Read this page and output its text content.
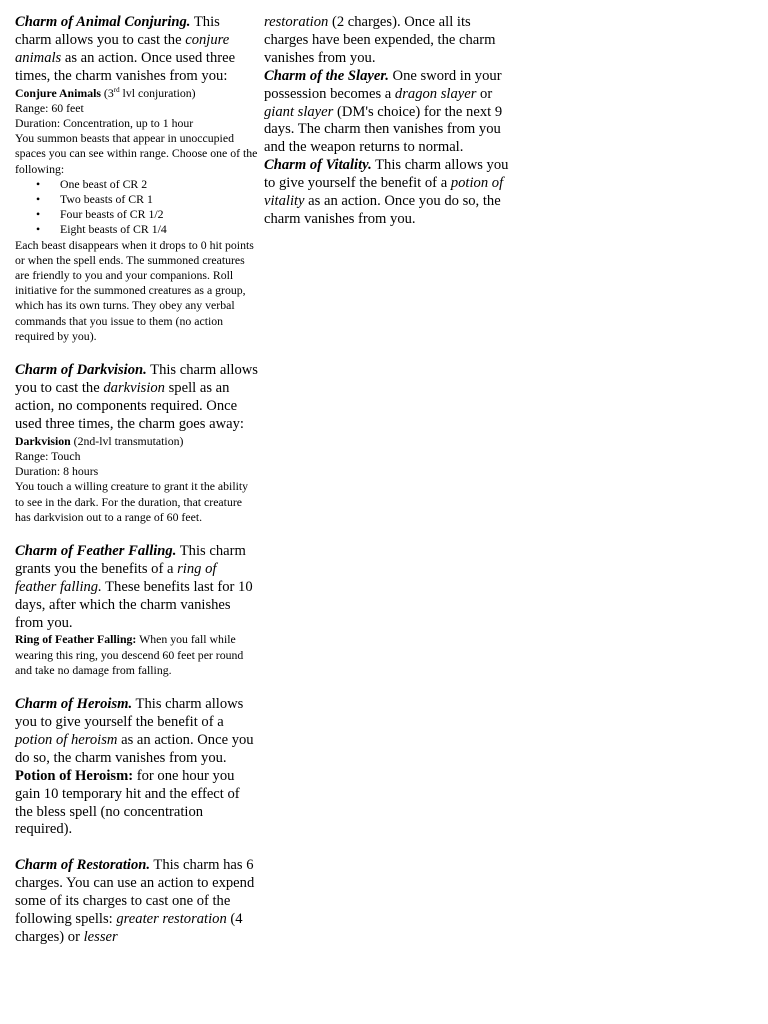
Charm of Animal Conjuring. This charm allows you to cast the conjure animals as an action. Once used three times, the charm vanishes from you:

Conjure Animals (3rd lvl conjuration)

Range: 60 feet

Duration: Concentration, up to 1 hour

You summon beasts that appear in unoccupied spaces you can see within range. Choose one of the following:

• One beast of CR 2
• Two beasts of CR 1
• Four beasts of CR 1/2
• Eight beasts of CR 1/4

Each beast disappears when it drops to 0 hit points or when the spell ends. The summoned creatures are friendly to you and your companions. Roll initiative for the summoned creatures as a group, which has its own turns. They obey any verbal commands that you issue to them (no action required by you).

Charm of Darkvision. This charm allows you to cast the darkvision spell as an action, no components required. Once used three times, the charm goes away:

Darkvision (2nd-lvl transmutation)

Range: Touch

Duration: 8 hours

You touch a willing creature to grant it the ability to see in the dark. For the duration, that creature has darkvision out to a range of 60 feet.

Charm of Feather Falling. This charm grants you the benefits of a ring of feather falling. These benefits last for 10 days, after which the charm vanishes from you.

Ring of Feather Falling: When you fall while wearing this ring, you descend 60 feet per round and take no damage from falling.

Charm of Heroism. This charm allows you to give yourself the benefit of a potion of heroism as an action. Once you do so, the charm vanishes from you.

Potion of Heroism: for one hour you gain 10 temporary hit and the effect of the bless spell (no concentration required).

Charm of Restoration. This charm has 6 charges. You can use an action to expend some of its charges to cast one of the following spells: greater restoration (4 charges) or lesser

restoration (2 charges). Once all its charges have been expended, the charm vanishes from you.

Charm of the Slayer. One sword in your possession becomes a dragon slayer or giant slayer (DM's choice) for the next 9 days. The charm then vanishes from you and the weapon returns to normal.

Charm of Vitality. This charm allows you to give yourself the benefit of a potion of vitality as an action. Once you do so, the charm vanishes from you.
